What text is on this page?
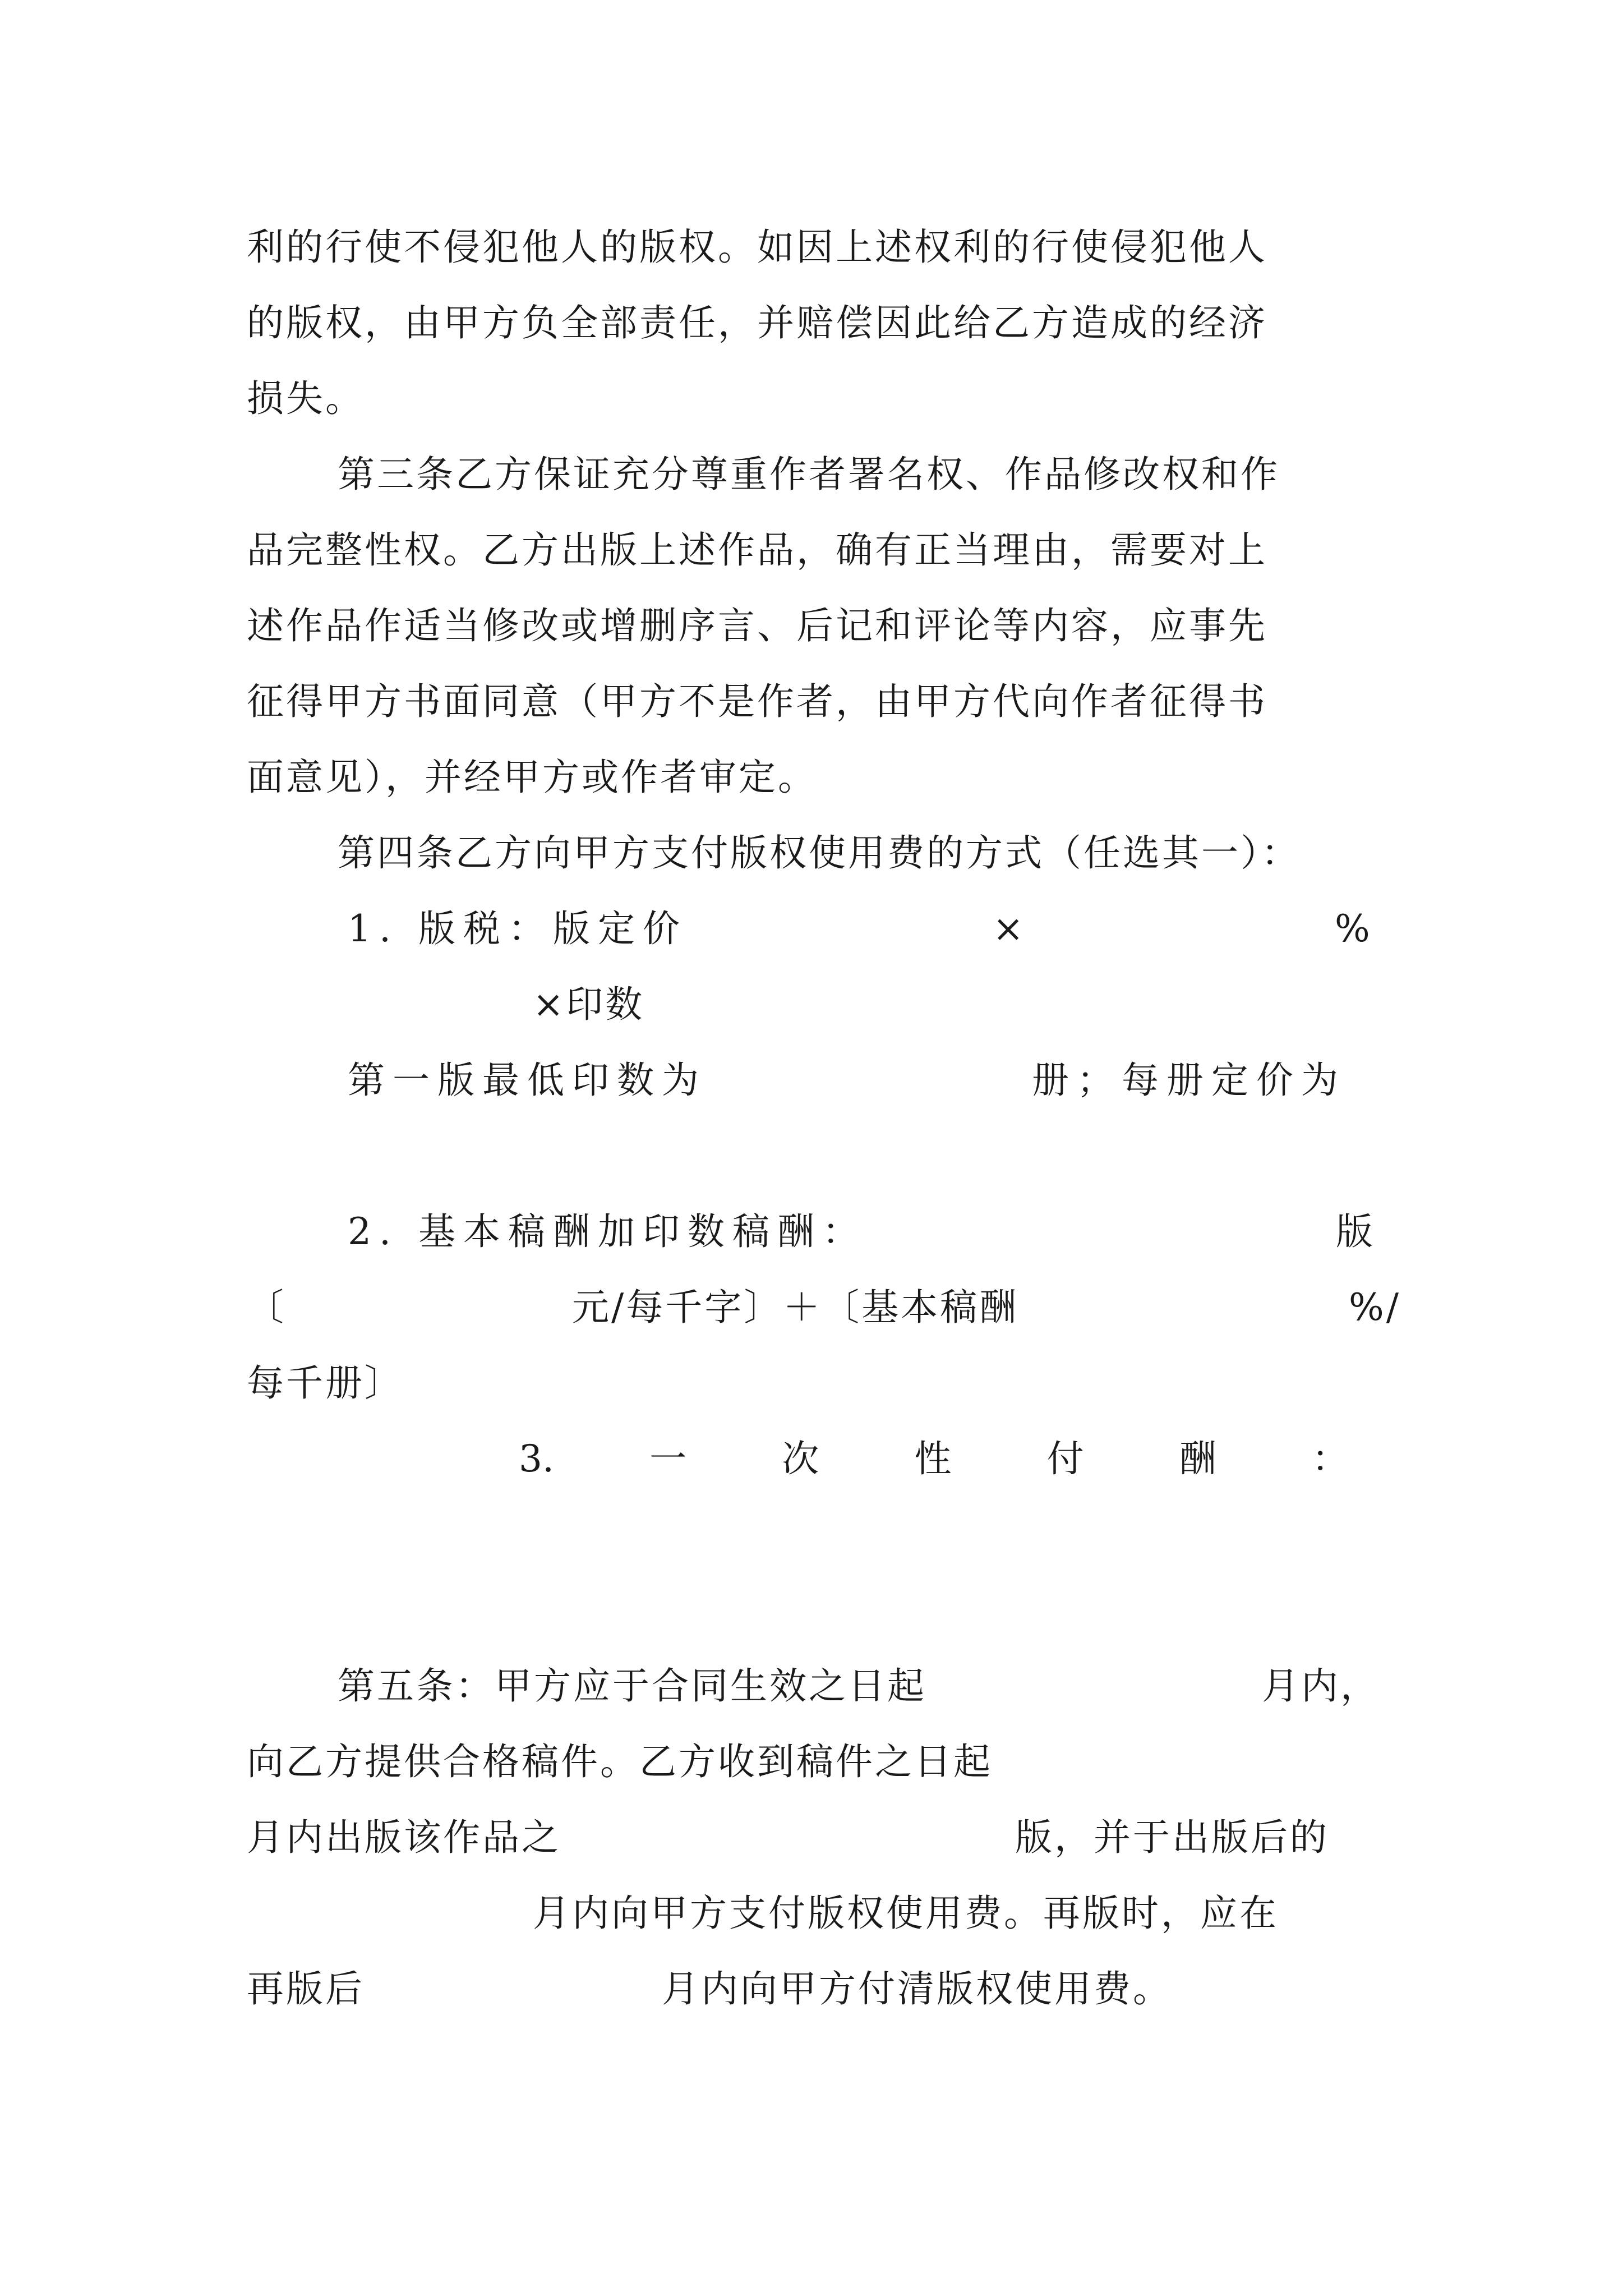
利的行使不侵犯他人的版权。如因上述权利的行使侵犯他人
的版权，由甲方负全部责任，并赔偿因此给乙方造成的经济
损失。
第三条乙方保证充分尊重作者署名权、作品修改权和作
品完整性权。乙方出版上述作品，确有正当理由，需要对上
述作品作适当修改或增删序言、后记和评论等内容，应事先
征得甲方书面同意（甲方不是作者，由甲方代向作者征得书
面意见），并经甲方或作者审定。
第四条乙方向甲方支付版权使用费的方式（任选其一）：
1. 版税：版定价	×	%
×印数
第一版最低印数为	册；每册定价为
2. 基本稿酬加印数稿酬：	版
〔	元/每千字〕＋〔基本稿酬	%/
每千册〕
3.	一	次	性	付	酬	：
第五条：甲方应于合同生效之日起	月内，
向乙方提供合格稿件。乙方收到稿件之日起
月内出版该作品之	版，并于出版后的
月内向甲方支付版权使用费。再版时，应在
再版后	月内向甲方付清版权使用费。
